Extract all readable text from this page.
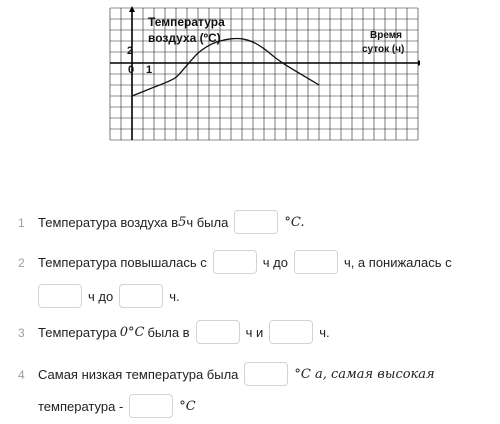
Температура
воздуха (ºС)	Время
суток (ч)
2
0 1
1 Температура воздуха в 5 ч была	°C.
2 Температура повышалась с	ч до	ч, а понижалась с
ч до	ч.
3 Температура 0°C была в	ч и	ч.
4 Самая низкая температура была	°C а, самая высокая
температура -	°C
